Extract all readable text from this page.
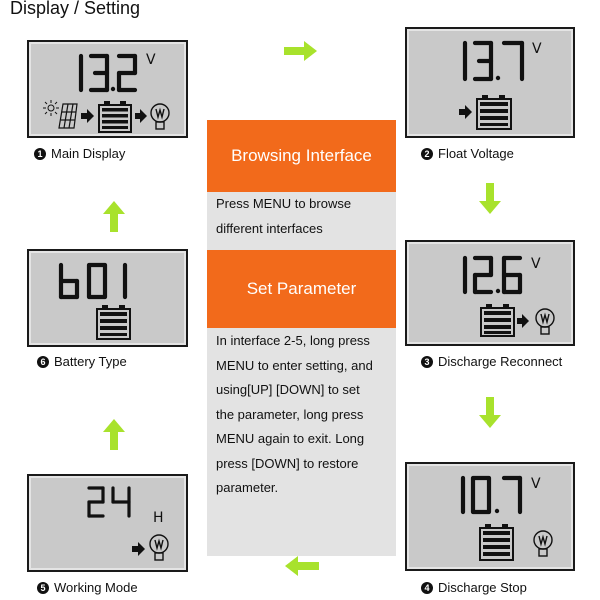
Display / Setting
V
1 Main Display
V
2 Float Voltage
6 Battery Type
V
3 Discharge Reconnect
H
5 Working Mode
V
4 Discharge Stop
Browsing Interface
Press MENU to browse
different interfaces
Set Parameter
In interface 2-5, long press
MENU to enter setting, and
using[UP] [DOWN] to set
the parameter, long press
MENU again to exit. Long
press [DOWN] to restore
parameter.
